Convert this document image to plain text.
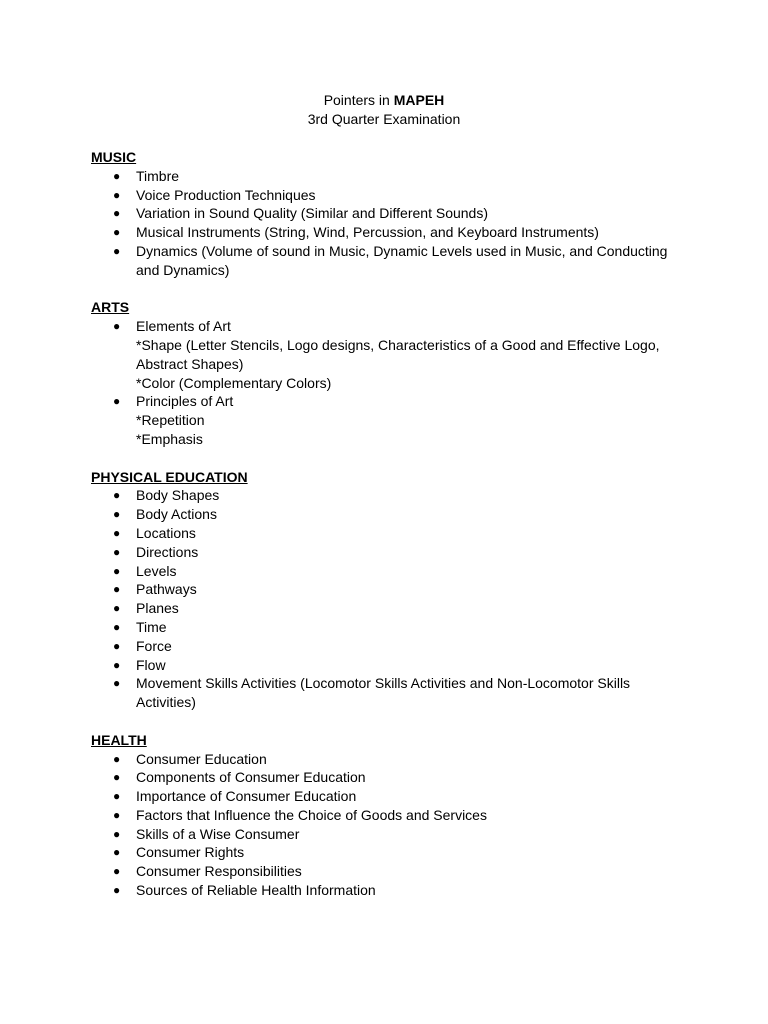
Pointers in MAPEH
3rd Quarter Examination
MUSIC
● Timbre
● Voice Production Techniques
● Variation in Sound Quality (Similar and Different Sounds)
● Musical Instruments (String, Wind, Percussion, and Keyboard Instruments)
● Dynamics (Volume of sound in Music, Dynamic Levels used in Music, and Conducting and Dynamics)
ARTS
● Elements of Art
*Shape (Letter Stencils, Logo designs, Characteristics of a Good and Effective Logo, Abstract Shapes)
*Color (Complementary Colors)
● Principles of Art
*Repetition
*Emphasis
PHYSICAL EDUCATION
● Body Shapes
● Body Actions
● Locations
● Directions
● Levels
● Pathways
● Planes
● Time
● Force
● Flow
● Movement Skills Activities (Locomotor Skills Activities and Non-Locomotor Skills Activities)
HEALTH
● Consumer Education
● Components of Consumer Education
● Importance of Consumer Education
● Factors that Influence the Choice of Goods and Services
● Skills of a Wise Consumer
● Consumer Rights
● Consumer Responsibilities
● Sources of Reliable Health Information
